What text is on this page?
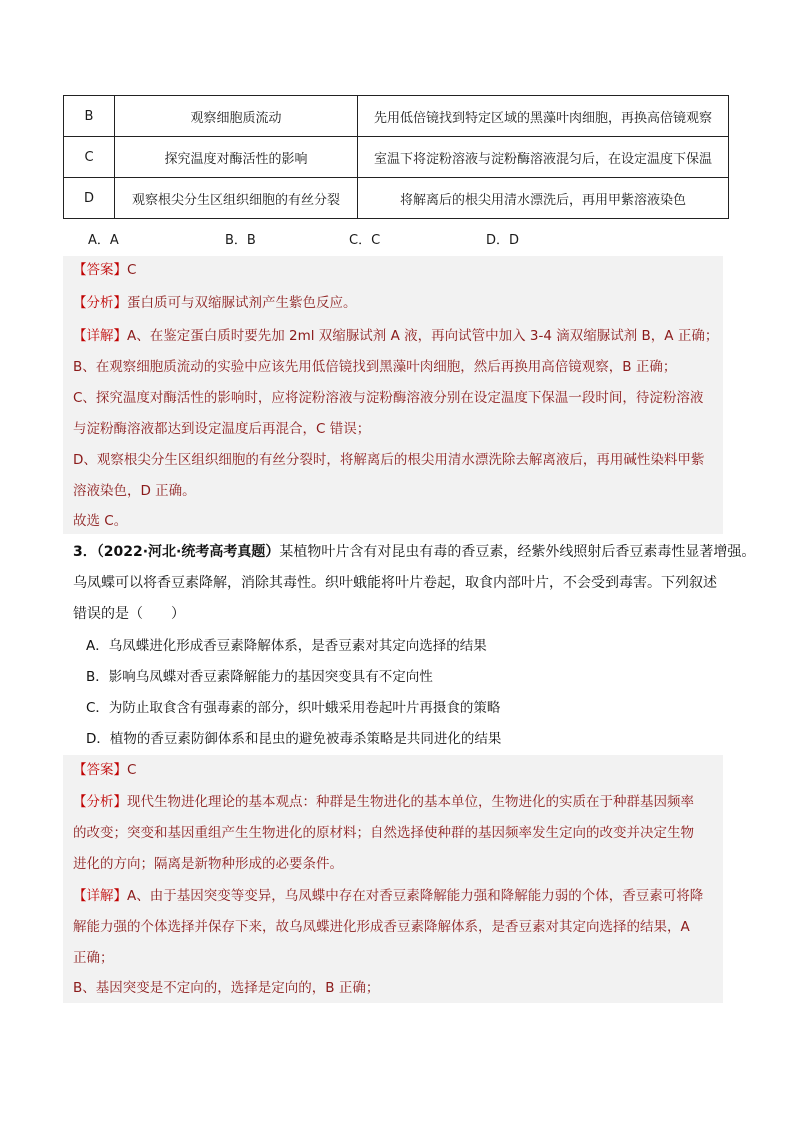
B	观察细胞质流动	先用低倍镜找到特定区域的黑藻叶肉细胞，再换高倍镜观察
C	探究温度对酶活性的影响	室温下将淀粉溶液与淀粉酶溶液混匀后，在设定温度下保温
D	观察根尖分生区组织细胞的有丝分裂	将解离后的根尖用清水漂洗后，再用甲紫溶液染色
A．A	B．B	C．C	D．D
【答案】C
【分析】蛋白质可与双缩脲试剂产生紫色反应。
【详解】A、在鉴定蛋白质时要先加 2ml 双缩脲试剂 A 液，再向试管中加入 3-4 滴双缩脲试剂 B，A 正确；
B、在观察细胞质流动的实验中应该先用低倍镜找到黑藻叶肉细胞，然后再换用高倍镜观察，B 正确；
C、探究温度对酶活性的影响时，应将淀粉溶液与淀粉酶溶液分别在设定温度下保温一段时间，待淀粉溶液
与淀粉酶溶液都达到设定温度后再混合，C 错误；
D、观察根尖分生区组织细胞的有丝分裂时，将解离后的根尖用清水漂洗除去解离液后，再用碱性染料甲紫
溶液染色，D 正确。
故选 C。
3．（2022·河北·统考高考真题）某植物叶片含有对昆虫有毒的香豆素，经紫外线照射后香豆素毒性显著增强。
乌凤蝶可以将香豆素降解，消除其毒性。织叶蛾能将叶片卷起，取食内部叶片，不会受到毒害。下列叙述
错误的是（　　）
A．乌凤蝶进化形成香豆素降解体系，是香豆素对其定向选择的结果
B．影响乌凤蝶对香豆素降解能力的基因突变具有不定向性
C．为防止取食含有强毒素的部分，织叶蛾采用卷起叶片再摄食的策略
D．植物的香豆素防御体系和昆虫的避免被毒杀策略是共同进化的结果
【答案】C
【分析】现代生物进化理论的基本观点：种群是生物进化的基本单位，生物进化的实质在于种群基因频率
的改变；突变和基因重组产生生物进化的原材料；自然选择使种群的基因频率发生定向的改变并决定生物
进化的方向；隔离是新物种形成的必要条件。
【详解】A、由于基因突变等变异，乌凤蝶中存在对香豆素降解能力强和降解能力弱的个体，香豆素可将降
解能力强的个体选择并保存下来，故乌凤蝶进化形成香豆素降解体系，是香豆素对其定向选择的结果，A
正确；
B、基因突变是不定向的，选择是定向的，B 正确；
